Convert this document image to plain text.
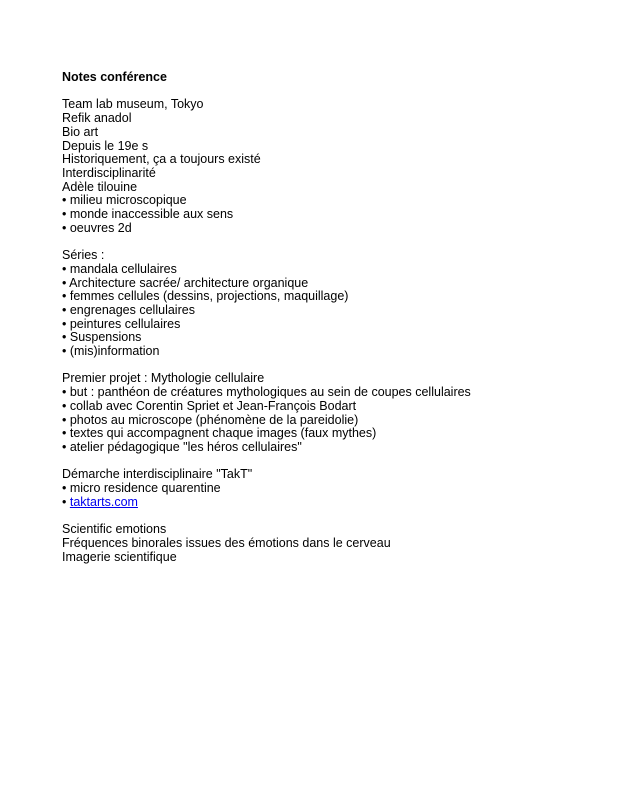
Notes conférence
Team lab museum, Tokyo
Refik anadol
Bio art
Depuis le 19e s
Historiquement, ça a toujours existé
Interdisciplinarité
Adèle tilouine
• milieu microscopique
• monde inaccessible aux sens
• oeuvres 2d
Séries :
• mandala cellulaires
• Architecture sacrée/ architecture organique
• femmes cellules (dessins, projections, maquillage)
• engrenages cellulaires
• peintures cellulaires
• Suspensions
• (mis)information
Premier projet : Mythologie cellulaire
• but : panthéon de créatures mythologiques au sein de coupes cellulaires
• collab avec Corentin Spriet et Jean-François Bodart
• photos au microscope (phénomène de la pareidolie)
• textes qui accompagnent chaque images (faux mythes)
• atelier pédagogique "les héros cellulaires"
Démarche interdisciplinaire "TakT"
• micro residence quarentine
• taktarts.com
Scientific emotions
Fréquences binorales issues des émotions dans le cerveau
Imagerie scientifique
